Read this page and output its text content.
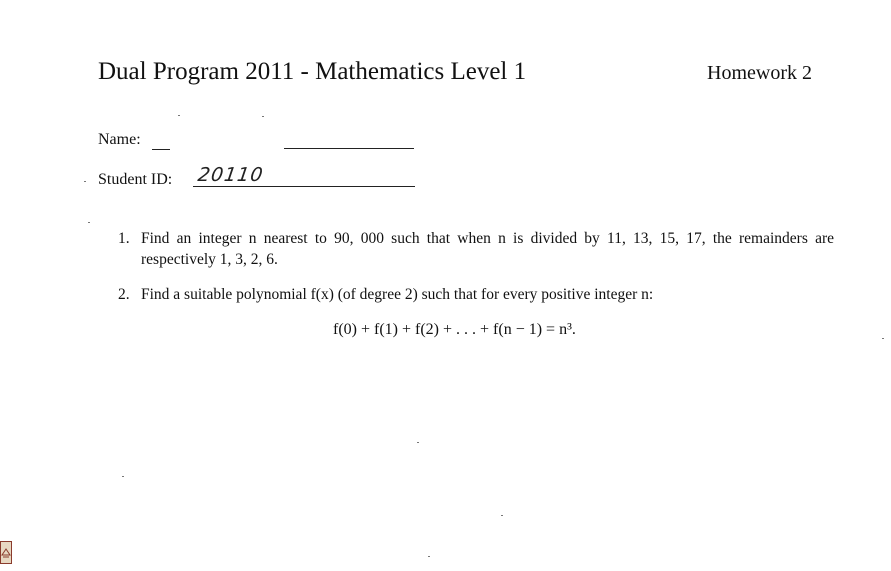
Dual Program 2011 - Mathematics Level 1	Homework 2
Name:
Student ID: 20110
1. Find an integer n nearest to 90, 000 such that when n is divided by 11, 13, 15, 17, the remainders are respectively 1, 3, 2, 6.
2. Find a suitable polynomial f(x) (of degree 2) such that for every positive integer n:
f(0) + f(1) + f(2) + . . . + f(n − 1) = n³.
